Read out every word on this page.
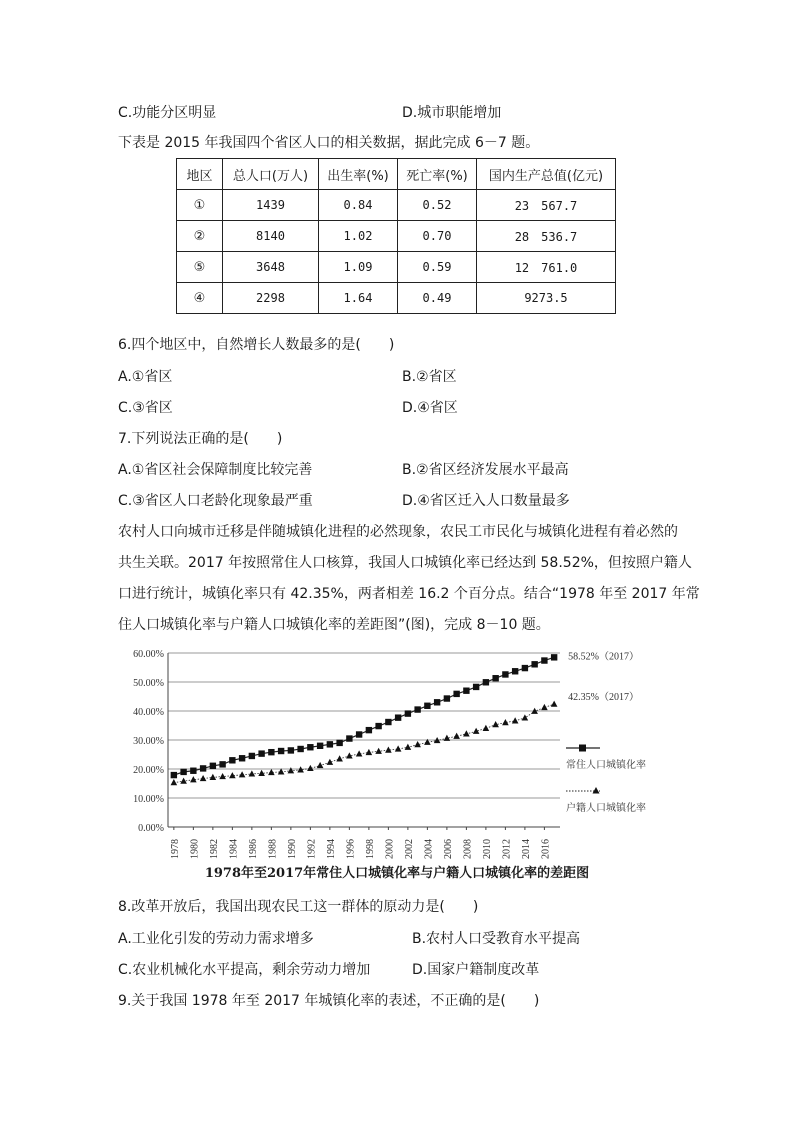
C.功能分区明显	D.城市职能增加
下表是 2015 年我国四个省区人口的相关数据，据此完成 6－7 题。
地区	总人口(万人)	出生率(%)	死亡率(%)	国内生产总值(亿元)
①	1439	0.84	0.52	23　567.7
②	8140	1.02	0.70	28　536.7
⑤	3648	1.09	0.59	12　761.0
④	2298	1.64	0.49	9273.5
6.四个地区中，自然增长人数最多的是(　　)
A.①省区	B.②省区
C.③省区	D.④省区
7.下列说法正确的是(　　)
A.①省区社会保障制度比较完善	B.②省区经济发展水平最高
C.③省区人口老龄化现象最严重	D.④省区迁入人口数量最多
农村人口向城市迁移是伴随城镇化进程的必然现象，农民工市民化与城镇化进程有着必然的
共生关联。2017 年按照常住人口核算，我国人口城镇化率已经达到 58.52%，但按照户籍人
口进行统计，城镇化率只有 42.35%，两者相差 16.2 个百分点。结合“1978 年至 2017 年常
住人口城镇化率与户籍人口城镇化率的差距图”(图)，完成 8－10 题。
0.00%
10.00%
20.00%
30.00%
40.00%
50.00%
60.00%
1978 1980 1982 1984 1986 1988 1990 1992 1994 1996 1998 2000 2002 2004 2006 2008 2010 2012 2014 2016
58.52%（2017）
42.35%（2017）
常住人口城镇化率
户籍人口城镇化率
1978年至2017年常住人口城镇化率与户籍人口城镇化率的差距图
8.改革开放后，我国出现农民工这一群体的原动力是(　　)
A.工业化引发的劳动力需求增多	B.农村人口受教育水平提高
C.农业机械化水平提高，剩余劳动力增加	D.国家户籍制度改革
9.关于我国 1978 年至 2017 年城镇化率的表述，不正确的是(　　)
